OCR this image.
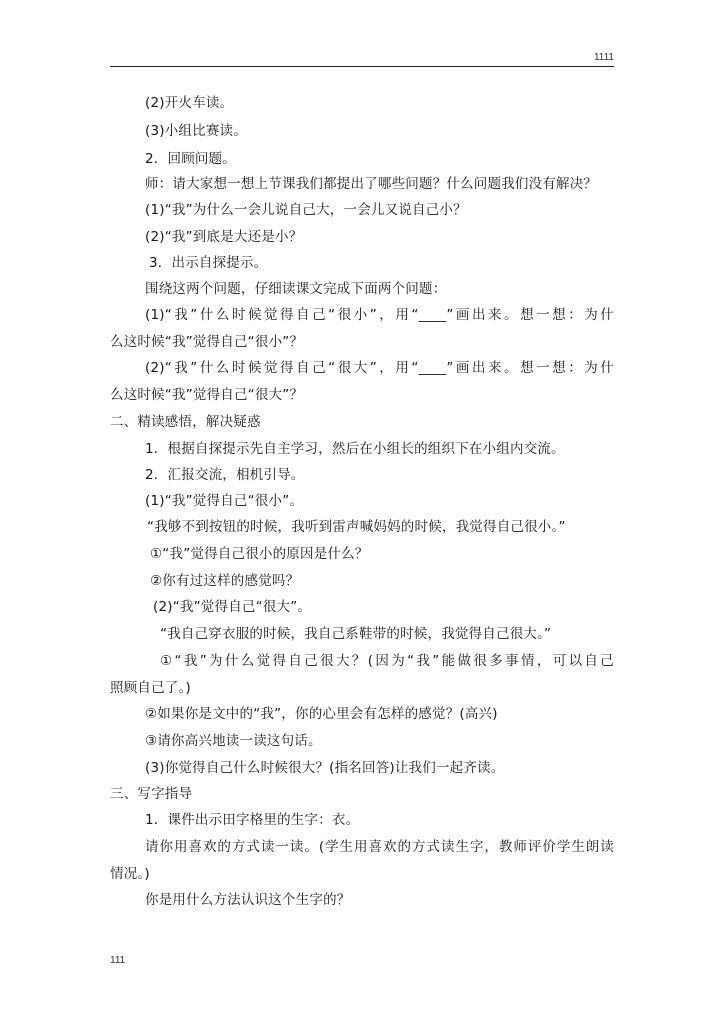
1111
(2)开火车读。
(3)小组比赛读。
2．回顾问题。
师：请大家想一想上节课我们都提出了哪些问题？什么问题我们没有解决？
(1)“我”为什么一会儿说自己大，一会儿又说自己小？
(2)“我”到底是大还是小？
3．出示自探提示。
围绕这两个问题，仔细读课文完成下面两个问题：
(1)“我”什么时候觉得自己“很小”，用“____”画出来。想一想：为什
么这时候“我”觉得自己“很小”？
(2)“我”什么时候觉得自己“很大”，用“____”画出来。想一想：为什
么这时候“我”觉得自己“很大”？
二、精读感悟，解决疑惑
1．根据自探提示先自主学习，然后在小组长的组织下在小组内交流。
2．汇报交流，相机引导。
(1)“我”觉得自己“很小”。
“我够不到按钮的时候，我听到雷声喊妈妈的时候，我觉得自己很小。”
①“我”觉得自己很小的原因是什么？
②你有过这样的感觉吗？
(2)“我”觉得自己“很大”。
“我自己穿衣服的时候，我自己系鞋带的时候，我觉得自己很大。”
①“我”为什么觉得自己很大？(因为“我”能做很多事情，可以自己
照顾自己了。)
②如果你是文中的“我”，你的心里会有怎样的感觉？(高兴)
③请你高兴地读一读这句话。
(3)你觉得自己什么时候很大？(指名回答)让我们一起齐读。
三、写字指导
1．课件出示田字格里的生字：衣。
请你用喜欢的方式读一读。(学生用喜欢的方式读生字，教师评价学生朗读
情况。)
你是用什么方法认识这个生字的？
111
